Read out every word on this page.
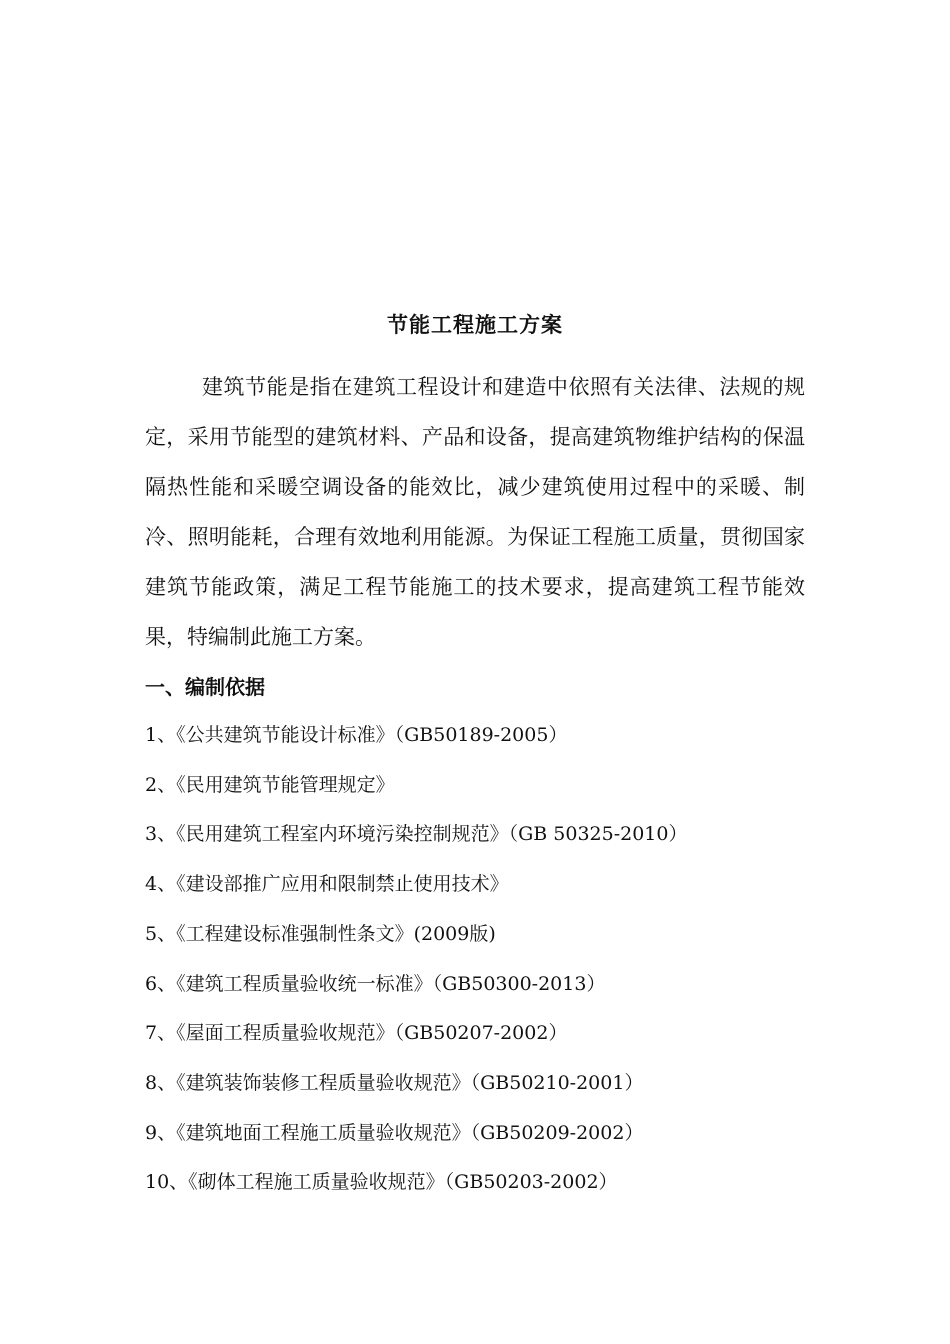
节能工程施工方案

建筑节能是指在建筑工程设计和建造中依照有关法律、法规的规定，采用节能型的建筑材料、产品和设备，提高建筑物维护结构的保温隔热性能和采暖空调设备的能效比，减少建筑使用过程中的采暖、制冷、照明能耗，合理有效地利用能源。为保证工程施工质量，贯彻国家建筑节能政策，满足工程节能施工的技术要求，提高建筑工程节能效果，特编制此施工方案。

一、编制依据
1、《公共建筑节能设计标准》（GB50189-2005）
2、《民用建筑节能管理规定》
3、《民用建筑工程室内环境污染控制规范》（GB 50325-2010）
4、《建设部推广应用和限制禁止使用技术》
5、《工程建设标准强制性条文》(2009版)
6、《建筑工程质量验收统一标准》（GB50300-2013）
7、《屋面工程质量验收规范》（GB50207-2002）
8、《建筑装饰装修工程质量验收规范》（GB50210-2001）
9、《建筑地面工程施工质量验收规范》（GB50209-2002）
10、《砌体工程施工质量验收规范》（GB50203-2002）
